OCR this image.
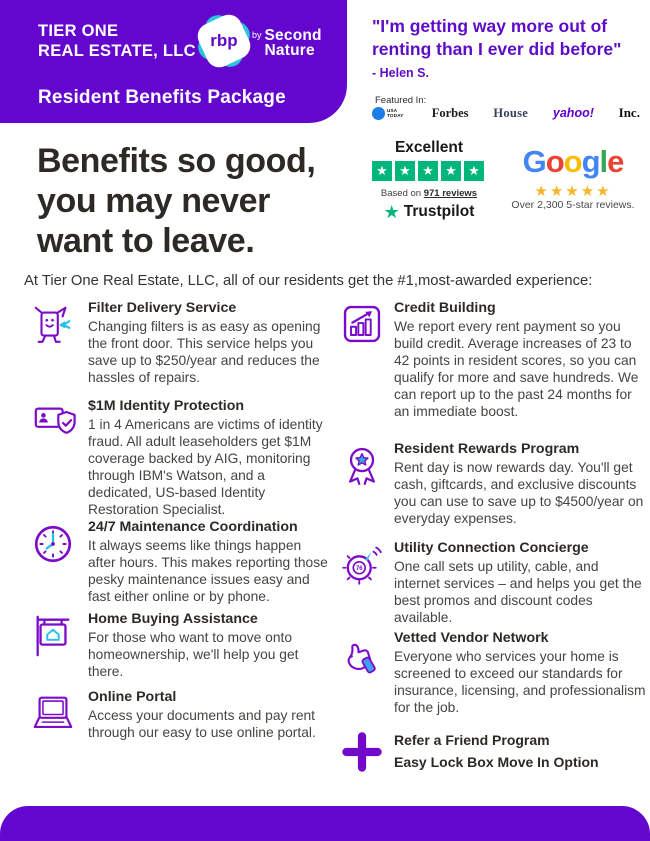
TIER ONE
REAL ESTATE, LLC
rbp	by Second
Nature
Resident Benefits Package
"I'm getting way more out of
renting than I ever did before"
- Helen S.
Featured In:
USA TODAY Forbes House yahoo! Inc.
Excellent
★ ★ ★ ★ ★
Based on 971 reviews
★ Trustpilot
Google
★★★★★
Over 2,300 5-star reviews.
Benefits so good,
you may never
want to leave.
At Tier One Real Estate, LLC, all of our residents get the #1,most-awarded experience:
Filter Delivery Service
Changing filters is as easy as opening the front door. This service helps you save up to $250/year and reduces the hassles of repairs.
$1M Identity Protection
1 in 4 Americans are victims of identity fraud. All adult leaseholders get $1M coverage backed by AIG, monitoring through IBM's Watson, and a dedicated, US-based Identity Restoration Specialist.
24/7 Maintenance Coordination
It always seems like things happen after hours. This makes reporting those pesky maintenance issues easy and fast either online or by phone.
Home Buying Assistance
For those who want to move onto homeownership, we'll help you get there.
Online Portal
Access your documents and pay rent through our easy to use online portal.
Credit Building
We report every rent payment so you build credit. Average increases of 23 to 42 points in resident scores, so you can qualify for more and save hundreds. We can report up to the past 24 months for an immediate boost.
Resident Rewards Program
Rent day is now rewards day. You'll get cash, giftcards, and exclusive discounts you can use to save up to $4500/year on everyday expenses.
76
Utility Connection Concierge
One call sets up utility, cable, and internet services – and helps you get the best promos and discount codes available.
Vetted Vendor Network
Everyone who services your home is screened to exceed our standards for insurance, licensing, and professionalism for the job.
Refer a Friend Program
Easy Lock Box Move In Option
